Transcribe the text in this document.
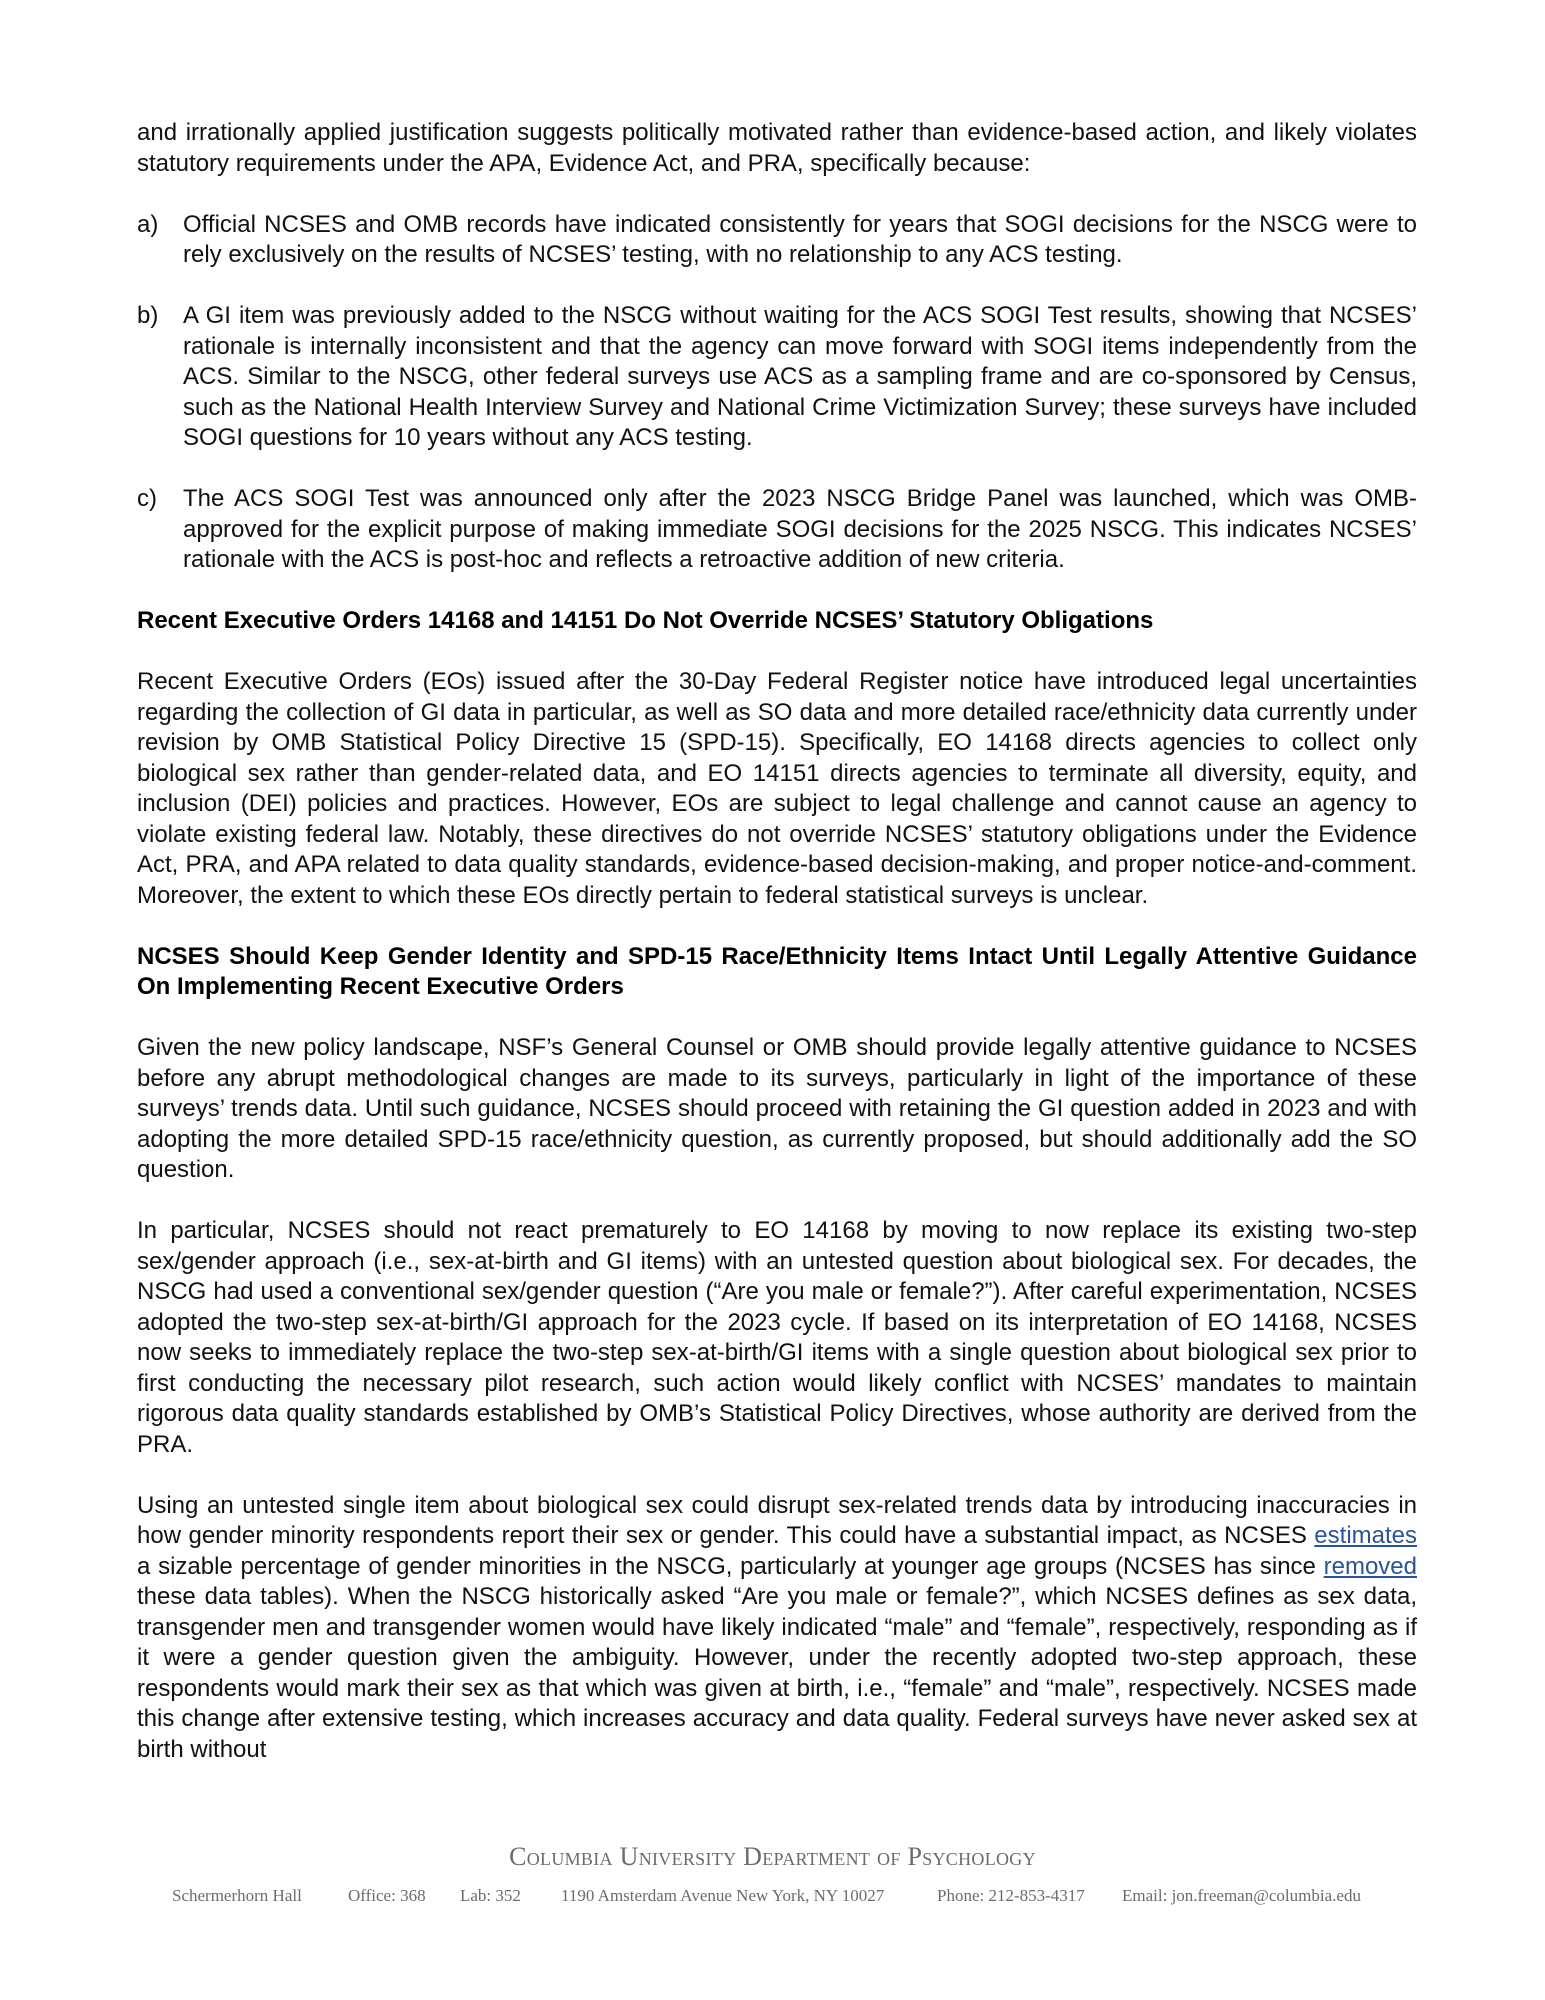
and irrationally applied justification suggests politically motivated rather than evidence-based action, and likely violates statutory requirements under the APA, Evidence Act, and PRA, specifically because:

a) Official NCSES and OMB records have indicated consistently for years that SOGI decisions for the NSCG were to rely exclusively on the results of NCSES’ testing, with no relationship to any ACS testing.
b) A GI item was previously added to the NSCG without waiting for the ACS SOGI Test results, showing that NCSES’ rationale is internally inconsistent and that the agency can move forward with SOGI items independently from the ACS. Similar to the NSCG, other federal surveys use ACS as a sampling frame and are co-sponsored by Census, such as the National Health Interview Survey and National Crime Victimization Survey; these surveys have included SOGI questions for 10 years without any ACS testing.
c) The ACS SOGI Test was announced only after the 2023 NSCG Bridge Panel was launched, which was OMB-approved for the explicit purpose of making immediate SOGI decisions for the 2025 NSCG. This indicates NCSES’ rationale with the ACS is post-hoc and reflects a retroactive addition of new criteria.
Recent Executive Orders 14168 and 14151 Do Not Override NCSES’ Statutory Obligations

Recent Executive Orders (EOs) issued after the 30-Day Federal Register notice have introduced legal uncertainties regarding the collection of GI data in particular, as well as SO data and more detailed race/ethnicity data currently under revision by OMB Statistical Policy Directive 15 (SPD-15). Specifically, EO 14168 directs agencies to collect only biological sex rather than gender-related data, and EO 14151 directs agencies to terminate all diversity, equity, and inclusion (DEI) policies and practices. However, EOs are subject to legal challenge and cannot cause an agency to violate existing federal law. Notably, these directives do not override NCSES’ statutory obligations under the Evidence Act, PRA, and APA related to data quality standards, evidence-based decision-making, and proper notice-and-comment. Moreover, the extent to which these EOs directly pertain to federal statistical surveys is unclear.

NCSES Should Keep Gender Identity and SPD-15 Race/Ethnicity Items Intact Until Legally Attentive Guidance On Implementing Recent Executive Orders

Given the new policy landscape, NSF’s General Counsel or OMB should provide legally attentive guidance to NCSES before any abrupt methodological changes are made to its surveys, particularly in light of the importance of these surveys’ trends data. Until such guidance, NCSES should proceed with retaining the GI question added in 2023 and with adopting the more detailed SPD-15 race/ethnicity question, as currently proposed, but should additionally add the SO question.

In particular, NCSES should not react prematurely to EO 14168 by moving to now replace its existing two-step sex/gender approach (i.e., sex-at-birth and GI items) with an untested question about biological sex. For decades, the NSCG had used a conventional sex/gender question (“Are you male or female?”). After careful experimentation, NCSES adopted the two-step sex-at-birth/GI approach for the 2023 cycle. If based on its interpretation of EO 14168, NCSES now seeks to immediately replace the two-step sex-at-birth/GI items with a single question about biological sex prior to first conducting the necessary pilot research, such action would likely conflict with NCSES’ mandates to maintain rigorous data quality standards established by OMB’s Statistical Policy Directives, whose authority are derived from the PRA.

Using an untested single item about biological sex could disrupt sex-related trends data by introducing inaccuracies in how gender minority respondents report their sex or gender. This could have a substantial impact, as NCSES estimates a sizable percentage of gender minorities in the NSCG, particularly at younger age groups (NCSES has since removed these data tables). When the NSCG historically asked “Are you male or female?”, which NCSES defines as sex data, transgender men and transgender women would have likely indicated “male” and “female”, respectively, responding as if it were a gender question given the ambiguity. However, under the recently adopted two-step approach, these respondents would mark their sex as that which was given at birth, i.e., “female” and “male”, respectively. NCSES made this change after extensive testing, which increases accuracy and data quality. Federal surveys have never asked sex at birth without

Columbia University Department of Psychology
Schermerhorn Hall	Office: 368 Lab: 352 1190 Amsterdam Avenue New York, NY 10027	Phone: 212-853-4317 Email: jon.freeman@columbia.edu
